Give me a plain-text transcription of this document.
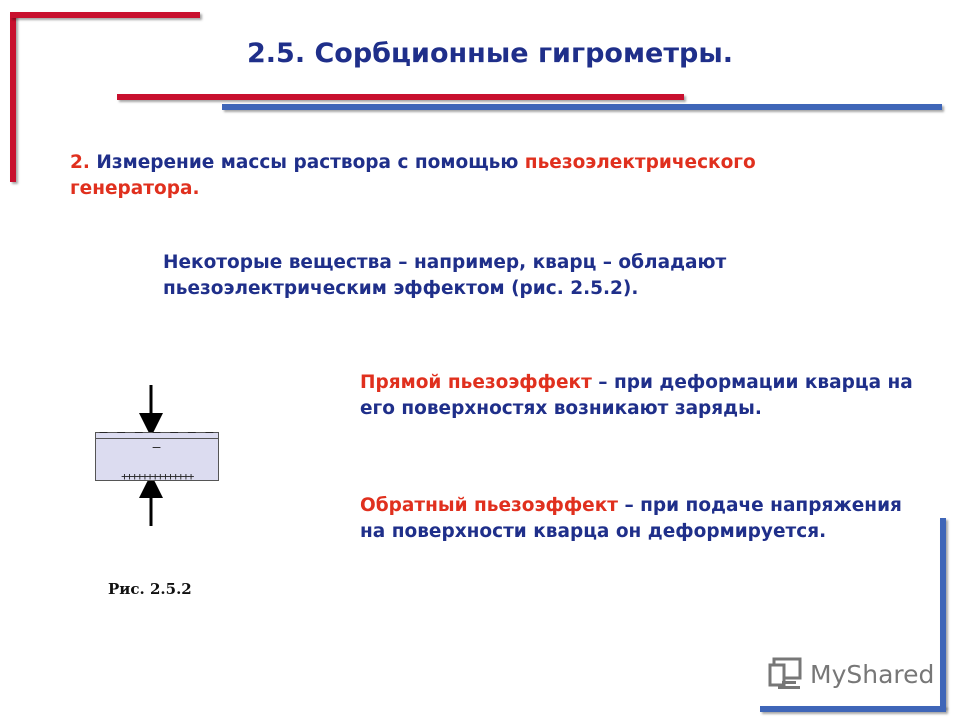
2.5. Сорбционные гигрометры.
2. Измерение массы раствора с помощью пьезоэлектрического генератора.
Некоторые вещества – например, кварц – обладают пьезоэлектрическим эффектом (рис. 2.5.2).
Прямой пьезоэффект – при деформации кварца на его поверхностях возникают заряды.
Обратный пьезоэффект – при подаче напряжения на поверхности кварца он деформируется.
– – – – – – – –
++++++++++++++
Рис. 2.5.2
MyShared
